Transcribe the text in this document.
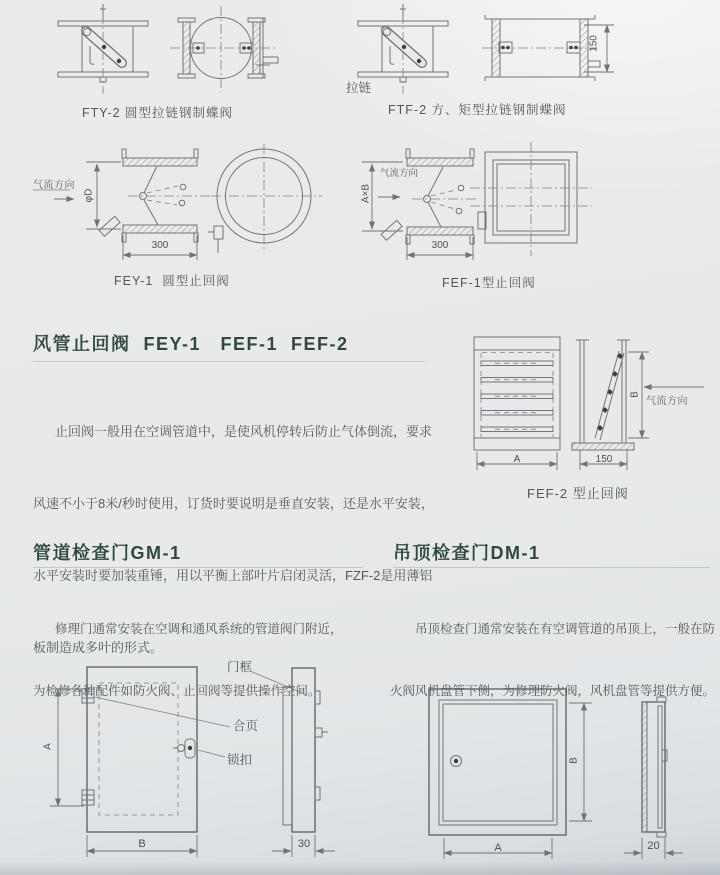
FTY-2 圆型拉链钢制蝶阀
拉链
150
FTF-2 方、矩型拉链钢制蝶阀
气流方向
φD
300
FEY-1  圆型止回阀
气流方向
A×B
300
FEF-1型止回阀
风管止回阀  FEY-1   FEF-1  FEF-2

止回阀一般用在空调管道中，是使风机停转后防止气体倒流，要求

风速不小于8米/秒时使用，订货时要说明是垂直安装，还是水平安装，

水平安装时要加装重锤，用以平衡上部叶片启闭灵活，FZF-2是用薄铝

板制造成多叶的形式。

A
B
150
气流方向
FEF-2 型止回阀
管道检查门GM-1

修理门通常安装在空调和通风系统的管道阀门附近，

为检修各种配件如防火阀、止回阀等提供操作空间。

吊顶检查门DM-1

吊顶检查门通常安装在有空调管道的吊顶上，一般在防

火阀风机盘管下侧，为修理防火阀，风机盘管等提供方便。

门框
合页
锁扣
A
B	30
B
A	20
